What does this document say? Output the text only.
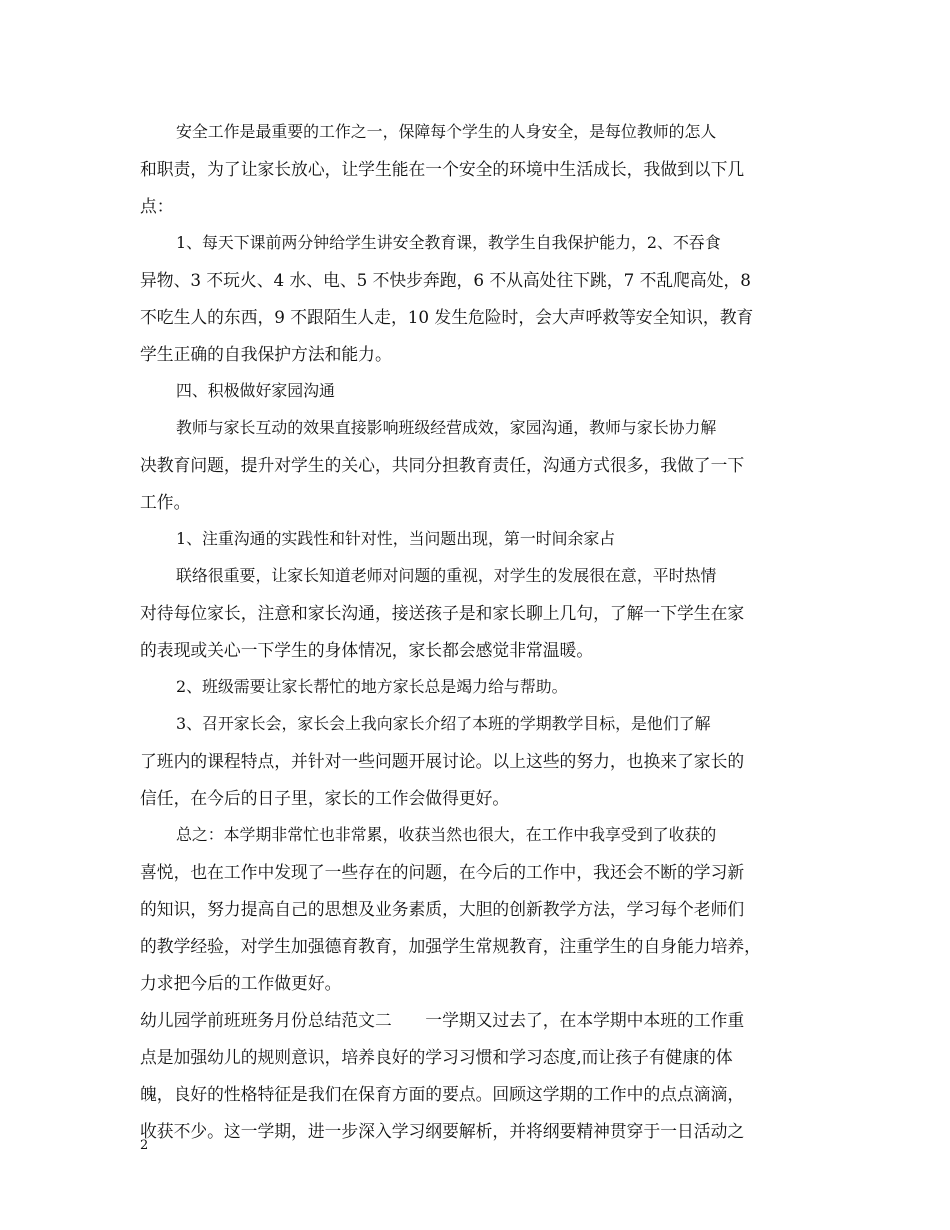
安全工作是最重要的工作之一，保障每个学生的人身安全，是每位教师的怎人
和职责，为了让家长放心，让学生能在一个安全的环境中生活成长，我做到以下几
点：
1、每天下课前两分钟给学生讲安全教育课，教学生自我保护能力，2、不吞食
异物、3 不玩火、4 水、电、5 不快步奔跑，6 不从高处往下跳，7 不乱爬高处，8
不吃生人的东西，9 不跟陌生人走，10 发生危险时，会大声呼救等安全知识，教育
学生正确的自我保护方法和能力。
四、积极做好家园沟通
教师与家长互动的效果直接影响班级经营成效，家园沟通，教师与家长协力解
决教育问题，提升对学生的关心，共同分担教育责任，沟通方式很多，我做了一下
工作。
1、注重沟通的实践性和针对性，当问题出现，第一时间余家占
联络很重要，让家长知道老师对问题的重视，对学生的发展很在意，平时热情
对待每位家长，注意和家长沟通，接送孩子是和家长聊上几句，了解一下学生在家
的表现或关心一下学生的身体情况，家长都会感觉非常温暖。
2、班级需要让家长帮忙的地方家长总是竭力给与帮助。
3、召开家长会，家长会上我向家长介绍了本班的学期教学目标，是他们了解
了班内的课程特点，并针对一些问题开展讨论。以上这些的努力，也换来了家长的
信任，在今后的日子里，家长的工作会做得更好。
总之：本学期非常忙也非常累，收获当然也很大，在工作中我享受到了收获的
喜悦，也在工作中发现了一些存在的问题，在今后的工作中，我还会不断的学习新
的知识，努力提高自己的思想及业务素质，大胆的创新教学方法，学习每个老师们
的教学经验，对学生加强德育教育，加强学生常规教育，注重学生的自身能力培养，
力求把今后的工作做更好。
幼儿园学前班班务月份总结范文二　　一学期又过去了，在本学期中本班的工作重
点是加强幼儿的规则意识，培养良好的学习习惯和学习态度,而让孩子有健康的体
魄，良好的性格特征是我们在保育方面的要点。回顾这学期的工作中的点点滴滴，
收获不少。这一学期，进一步深入学习纲要解析，并将纲要精神贯穿于一日活动之
2
